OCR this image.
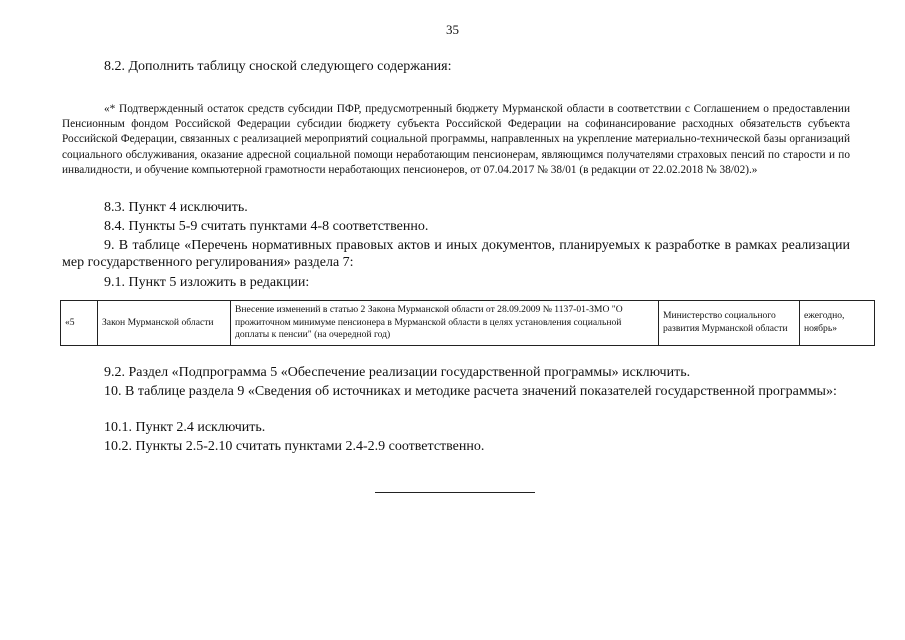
35

8.2. Дополнить таблицу сноской следующего содержания:

«* Подтвержденный остаток средств субсидии ПФР, предусмотренный бюджету Мурманской области в соответствии с Соглашением о предоставлении Пенсионным фондом Российской Федерации субсидии бюджету субъекта Российской Федерации на софинансирование расходных обязательств субъекта Российской Федерации, связанных с реализацией мероприятий социальной программы, направленных на укрепление материально-технической базы организаций социального обслуживания, оказание адресной социальной помощи неработающим пенсионерам, являющимся получателями страховых пенсий по старости и по инвалидности, и обучение компьютерной грамотности неработающих пенсионеров, от 07.04.2017 № 38/01 (в редакции от 22.02.2018 № 38/02).»

8.3. Пункт 4 исключить.

8.4. Пункты 5-9 считать пунктами 4-8 соответственно.

9. В таблице «Перечень нормативных правовых актов и иных документов, планируемых к разработке в рамках реализации мер государственного регулирования» раздела 7:

9.1. Пункт 5 изложить в редакции:

«5	Закон Мурманской области	Внесение изменений в статью 2 Закона Мурманской области от 28.09.2009 № 1137-01-ЗМО "О прожиточном минимуме пенсионера в Мурманской области в целях установления социальной доплаты к пенсии" (на очередной год)	Министерство социального развития Мурманской области	ежегодно, ноябрь»

9.2. Раздел «Подпрограмма 5 «Обеспечение реализации государственной программы» исключить.

10. В таблице раздела 9 «Сведения об источниках и методике расчета значений показателей государственной программы»:

10.1. Пункт 2.4 исключить.

10.2. Пункты 2.5-2.10 считать пунктами 2.4-2.9 соответственно.
